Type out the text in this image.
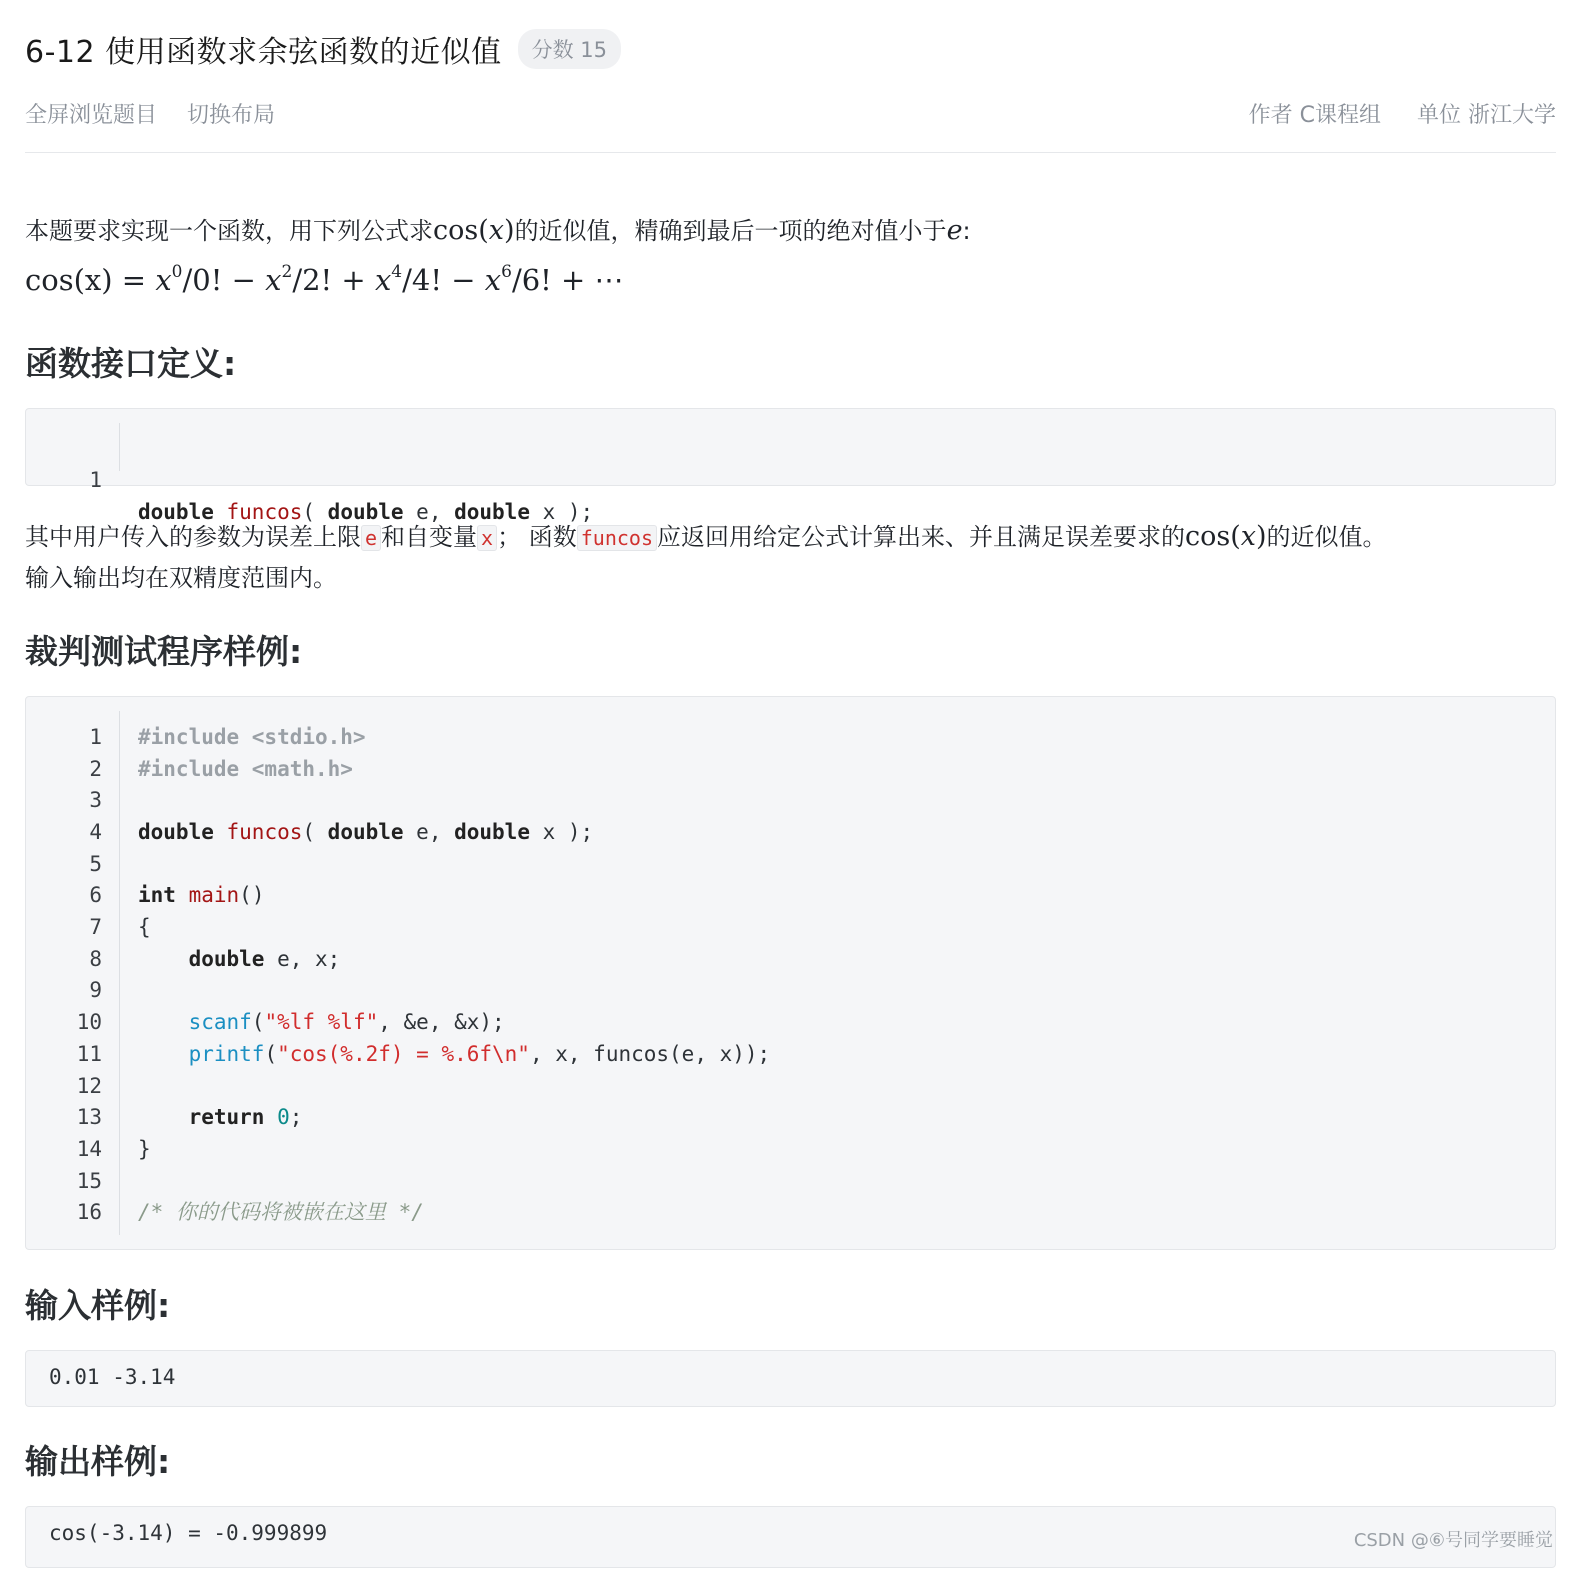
6-12 使用函数求余弦函数的近似值	分数 15
全屏浏览题目 切换布局	作者 C课程组 单位 浙江大学
本题要求实现一个函数，用下列公式求cos(x)的近似值，精确到最后一项的绝对值小于e:
$\cos(x) = x^0/0$! − $x^2/2$! + $x^4/4$! − $x^6/6$! + ⋯
函数接口定义:

1

double funcos( double e, double x );

其中用户传入的参数为误差上限 e 和自变量 x ； 函数 funcos 应返回用给定公式计算出来、并且满足误差要求的cos(x)的近似值。
输入输出均在双精度范围内。
裁判测试程序样例:
1 #include <stdio.h>
2 #include <math.h>
3
4 double funcos( double e, double x );
5
6 int main()
7 {
8	double e, x;
9
10	scanf("%lf %lf", &e, &x);
11	printf("cos(%.2f) = %.6f\n", x, funcos(e, x));
12
13	return 0;
14 }
15
16 /* 你的代码将被嵌在这里 */
输入样例:
0.01 -3.14
输出样例:
cos(-3.14) = -0.999899	CSDN @⑥号同学要睡觉
